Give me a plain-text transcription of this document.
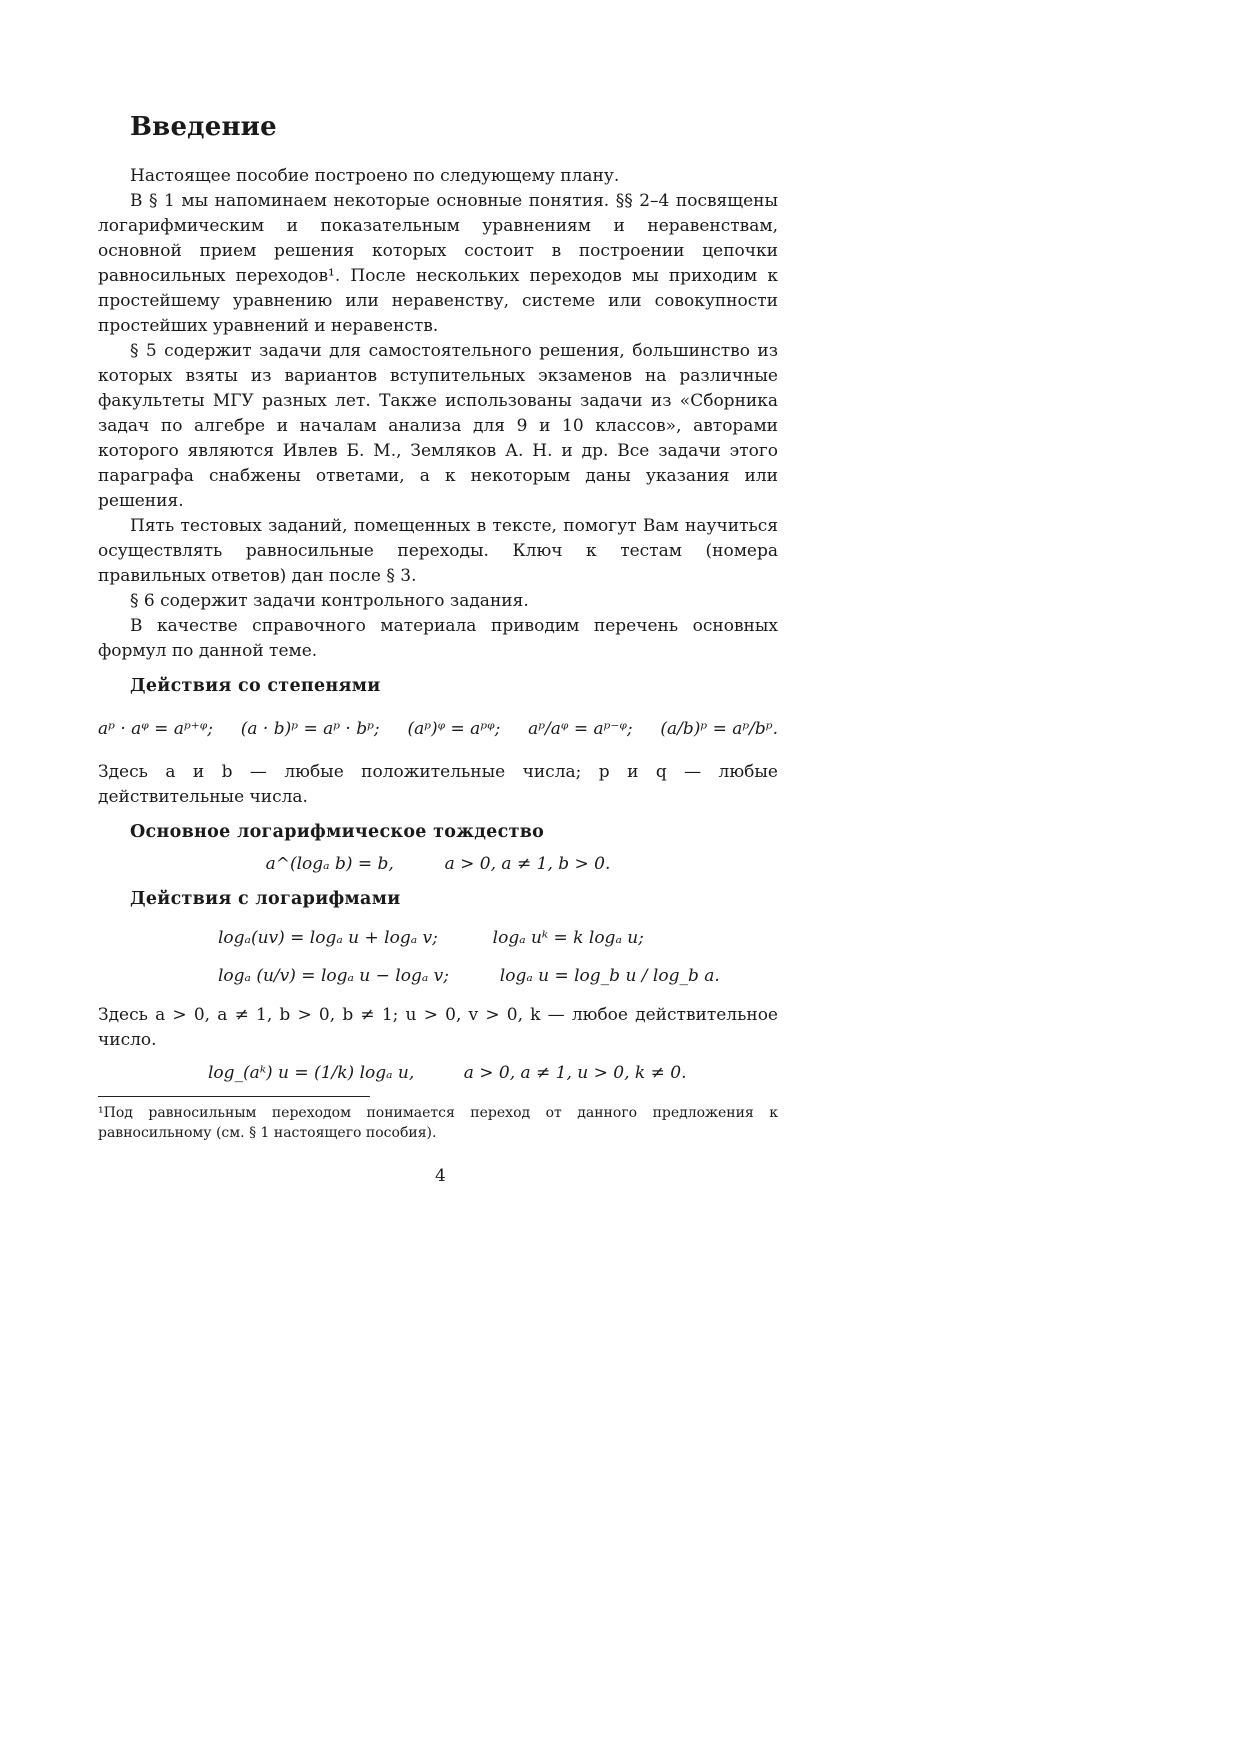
Введение

Настоящее пособие построено по следующему плану.

В § 1 мы напоминаем некоторые основные понятия. §§ 2–4 посвящены логарифмическим и показательным уравнениям и неравенствам, основной прием решения которых состоит в построении цепочки равносильных переходов¹. После нескольких переходов мы приходим к простейшему уравнению или неравенству, системе или совокупности простейших уравнений и неравенств.

§ 5 содержит задачи для самостоятельного решения, большинство из которых взяты из вариантов вступительных экзаменов на различные факультеты МГУ разных лет. Также использованы задачи из «Сборника задач по алгебре и началам анализа для 9 и 10 классов», авторами которого являются Ивлев Б. М., Земляков А. Н. и др. Все задачи этого параграфа снабжены ответами, а к некоторым даны указания или решения.

Пять тестовых заданий, помещенных в тексте, помогут Вам научиться осуществлять равносильные переходы. Ключ к тестам (номера правильных ответов) дан после § 3.

§ 6 содержит задачи контрольного задания.

В качестве справочного материала приводим перечень основных формул по данной теме.

Действия со степенями
aᵖ · aᵠ = aᵖ⁺ᵠ; (a · b)ᵖ = aᵖ · bᵖ; (aᵖ)ᵠ = aᵖᵠ; aᵖ/aᵠ = aᵖ⁻ᵠ; (a/b)ᵖ = aᵖ/bᵖ.

Здесь a и b — любые положительные числа; p и q — любые действительные числа.

Основное логарифмическое тождество
a^(logₐ b) = b,	a > 0, a ≠ 1, b > 0.
Действия с логарифмами
logₐ(uv) = logₐ u + logₐ v;	logₐ uᵏ = k logₐ u;
logₐ (u/v) = logₐ u − logₐ v;	logₐ u = log_b u / log_b a.

Здесь a > 0, a ≠ 1, b > 0, b ≠ 1; u > 0, v > 0, k — любое действительное число.

log_(aᵏ) u = (1/k) logₐ u,	a > 0, a ≠ 1, u > 0, k ≠ 0.

¹Под равносильным переходом понимается переход от данного предложения к равносильному (см. § 1 настоящего пособия).

4
